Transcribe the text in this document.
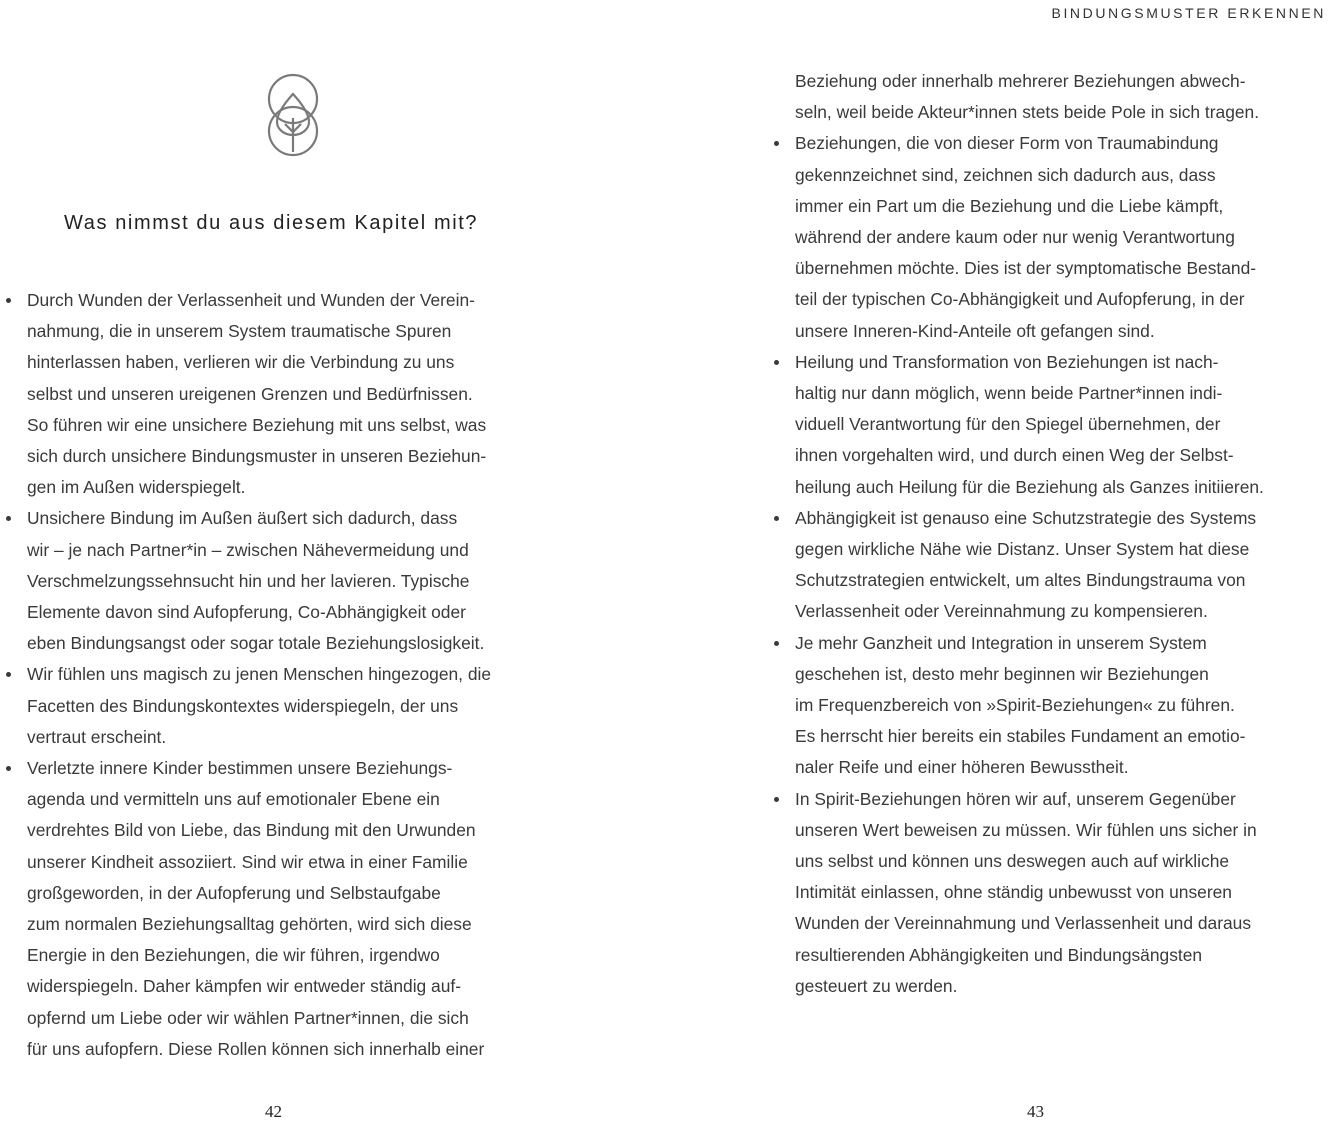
BINDUNGSMUSTER ERKENNEN
Was nimmst du aus diesem Kapitel mit?
Durch Wunden der Verlassenheit und Wunden der Verein-
nahmung, die in unserem System traumatische Spuren
hinterlassen haben, verlieren wir die Verbindung zu uns
selbst und unseren ureigenen Grenzen und Bedürfnissen.
So führen wir eine unsichere Beziehung mit uns selbst, was
sich durch unsichere Bindungsmuster in unseren Beziehun-
gen im Außen widerspiegelt.
Unsichere Bindung im Außen äußert sich dadurch, dass
wir – je nach Partner*in – zwischen Nähevermeidung und
Verschmelzungssehnsucht hin und her lavieren. Typische
Elemente davon sind Aufopferung, Co-Abhängigkeit oder
eben Bindungsangst oder sogar totale Beziehungslosigkeit.
Wir fühlen uns magisch zu jenen Menschen hingezogen, die
Facetten des Bindungskontextes widerspiegeln, der uns
vertraut erscheint.
Verletzte innere Kinder bestimmen unsere Beziehungs-
agenda und vermitteln uns auf emotionaler Ebene ein
verdrehtes Bild von Liebe, das Bindung mit den Urwunden
unserer Kindheit assoziiert. Sind wir etwa in einer Familie
großgeworden, in der Aufopferung und Selbstaufgabe
zum normalen Beziehungsalltag gehörten, wird sich diese
Energie in den Beziehungen, die wir führen, irgendwo
widerspiegeln. Daher kämpfen wir entweder ständig auf-
opfernd um Liebe oder wir wählen Partner*innen, die sich
für uns aufopfern. Diese Rollen können sich innerhalb einer
Beziehung oder innerhalb mehrerer Beziehungen abwech-
seln, weil beide Akteur*innen stets beide Pole in sich tragen.
Beziehungen, die von dieser Form von Traumabindung
gekennzeichnet sind, zeichnen sich dadurch aus, dass
immer ein Part um die Beziehung und die Liebe kämpft,
während der andere kaum oder nur wenig Verantwortung
übernehmen möchte. Dies ist der symptomatische Bestand-
teil der typischen Co-Abhängigkeit und Aufopferung, in der
unsere Inneren-Kind-Anteile oft gefangen sind.
Heilung und Transformation von Beziehungen ist nach-
haltig nur dann möglich, wenn beide Partner*innen indi-
viduell Verantwortung für den Spiegel übernehmen, der
ihnen vorgehalten wird, und durch einen Weg der Selbst-
heilung auch Heilung für die Beziehung als Ganzes initiieren.
Abhängigkeit ist genauso eine Schutzstrategie des Systems
gegen wirkliche Nähe wie Distanz. Unser System hat diese
Schutzstrategien entwickelt, um altes Bindungstrauma von
Verlassenheit oder Vereinnahmung zu kompensieren.
Je mehr Ganzheit und Integration in unserem System
geschehen ist, desto mehr beginnen wir Beziehungen
im Frequenzbereich von »Spirit-Beziehungen« zu führen.
Es herrscht hier bereits ein stabiles Fundament an emotio-
naler Reife und einer höheren Bewusstheit.
In Spirit-Beziehungen hören wir auf, unserem Gegenüber
unseren Wert beweisen zu müssen. Wir fühlen uns sicher in
uns selbst und können uns deswegen auch auf wirkliche
Intimität einlassen, ohne ständig unbewusst von unseren
Wunden der Vereinnahmung und Verlassenheit und daraus
resultierenden Abhängigkeiten und Bindungsängsten
gesteuert zu werden.
42	43
